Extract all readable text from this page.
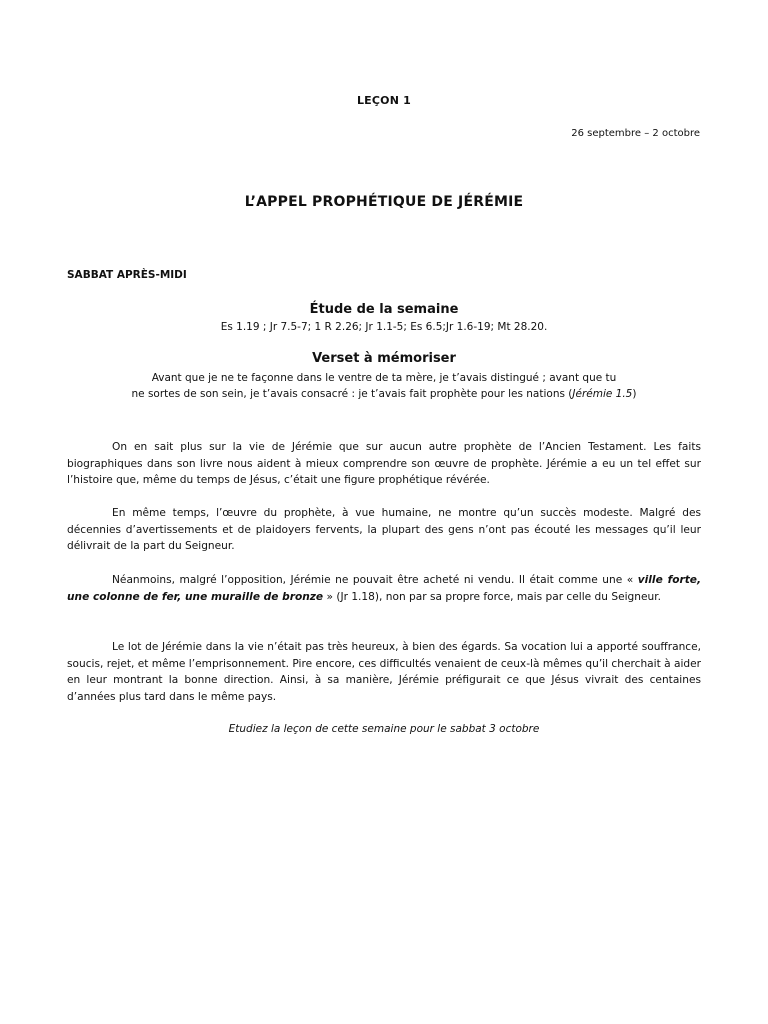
LEÇON 1
26 septembre – 2 octobre
L’APPEL PROPHÉTIQUE DE JÉRÉMIE
SABBAT APRÈS-MIDI
Étude de la semaine
Es 1.19 ; Jr 7.5-7; 1 R 2.26; Jr 1.1-5; Es 6.5;Jr 1.6-19; Mt 28.20.
Verset à mémoriser
Avant que je ne te façonne dans le ventre de ta mère, je t’avais distingué ; avant que tu
ne sortes de son sein, je t’avais consacré : je t’avais fait prophète pour les nations (Jérémie 1.5)

On en sait plus sur la vie de Jérémie que sur aucun autre prophète de l’Ancien Testament. Les faits biographiques dans son livre nous aident à mieux comprendre son œuvre de prophète. Jérémie a eu un tel effet sur l’histoire que, même du temps de Jésus, c’était une figure prophétique révérée.

En même temps, l’œuvre du prophète, à vue humaine, ne montre qu’un succès modeste. Malgré des décennies d’avertissements et de plaidoyers fervents, la plupart des gens n’ont pas écouté les messages qu’il leur délivrait de la part du Seigneur.

Néanmoins, malgré l’opposition, Jérémie ne pouvait être acheté ni vendu. Il était comme une « ville forte, une colonne de fer, une muraille de bronze » (Jr 1.18), non par sa propre force, mais par celle du Seigneur.

Le lot de Jérémie dans la vie n’était pas très heureux, à bien des égards. Sa vocation lui a apporté souffrance, soucis, rejet, et même l’emprisonnement. Pire encore, ces difficultés venaient de ceux-là mêmes qu’il cherchait à aider en leur montrant la bonne direction. Ainsi, à sa manière, Jérémie préfigurait ce que Jésus vivrait des centaines d’années plus tard dans le même pays.

Etudiez la leçon de cette semaine pour le sabbat 3 octobre
